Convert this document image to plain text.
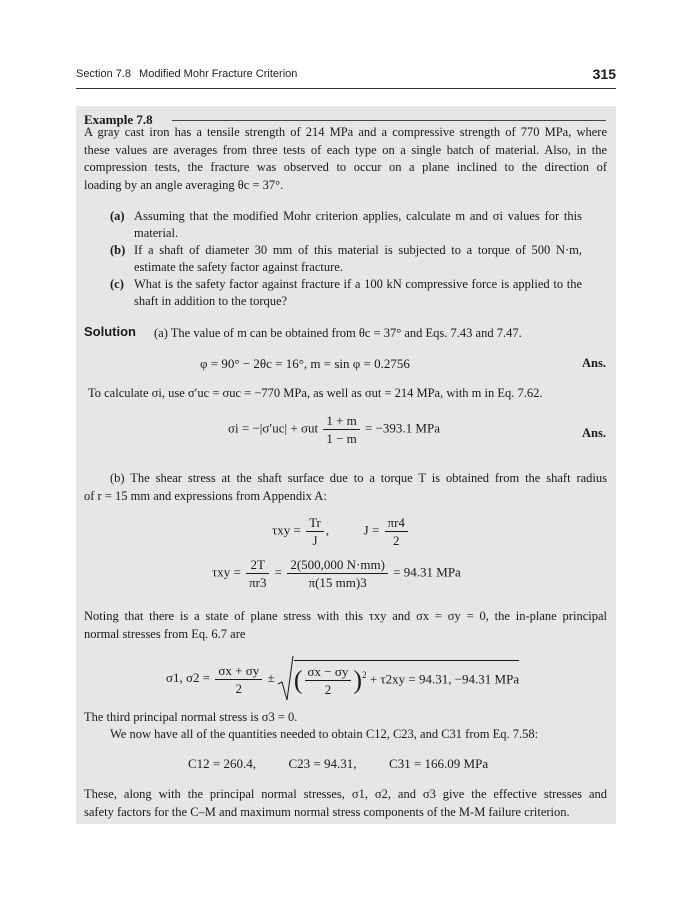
Section 7.8 Modified Mohr Fracture Criterion	315
Example 7.8
A gray cast iron has a tensile strength of 214 MPa and a compressive strength of 770 MPa, where
these values are averages from three tests of each type on a single batch of material. Also, in the
compression tests, the fracture was observed to occur on a plane inclined to the direction of
loading by an angle averaging θc = 37°.
(a) Assuming that the modified Mohr criterion applies, calculate m and σi values for this
material.
(b) If a shaft of diameter 30 mm of this material is subjected to a torque of 500 N·m,
estimate the safety factor against fracture.
(c) What is the safety factor against fracture if a 100 kN compressive force is applied to the
shaft in addition to the torque?
Solution (a) The value of m can be obtained from θc = 37° and Eqs. 7.43 and 7.47.
φ = 90° − 2θc = 16°, m = sin φ = 0.2756	Ans.
To calculate σi, use σ′uc = σuc = −770 MPa, as well as σut = 214 MPa, with m in Eq. 7.62.
σi = −|σ′uc| + σut $\frac{1 + m}{1 - m} = -393.1$ MPa	Ans.
(b) The shear stress at the shaft surface due to a torque T is obtained from the shaft radius
of r = 15 mm and expressions from Appendix A:
$\tau xy = \frac{Tr}{J}$ ,	$J = \frac{\pi r4}{2}$
$\tau xy = \frac{2T}{\pi r3} = \frac{2(500,000 N\cdot mm)}{\pi(15 mm)3} = 94.31$ MPa
Noting that there is a state of plane stress with this τxy and σx = σy = 0, the in-plane principal
normal stresses from Eq. 6.7 are
σ1, $\sigma 2 = \frac{\sigma x + \sigma y}{2}$ ± ( $\frac{\sigma x - \sigma y}{2} )^2 + \tau 2xy = 94.31$, −94.31 MPa
The third principal normal stress is σ3 = 0.
We now have all of the quantities needed to obtain C12, C23, and C31 from Eq. 7.58:
C12 = 260.4,	C23 = 94.31,	C31 = 166.09 MPa
These, along with the principal normal stresses, σ1, σ2, and σ3 give the effective stresses and
safety factors for the C–M and maximum normal stress components of the M-M failure criterion.
